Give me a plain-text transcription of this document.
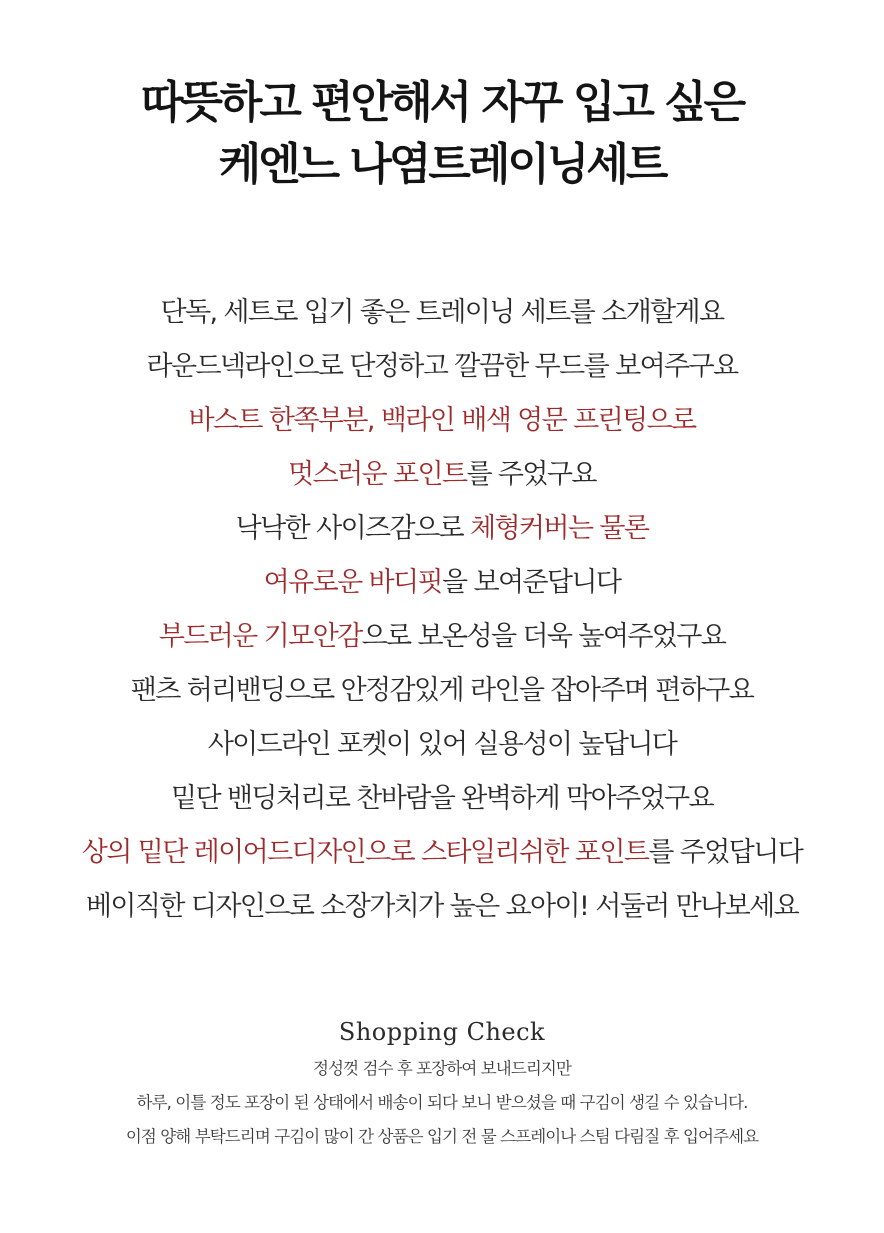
따뜻하고 편안해서 자꾸 입고 싶은
케엔느 나염트레이닝세트
단독, 세트로 입기 좋은 트레이닝 세트를 소개할게요
라운드넥라인으로 단정하고 깔끔한 무드를 보여주구요
바스트 한쪽부분, 백라인 배색 영문 프린팅으로
멋스러운 포인트를 주었구요
낙낙한 사이즈감으로 체형커버는 물론
여유로운 바디핏을 보여준답니다
부드러운 기모안감으로 보온성을 더욱 높여주었구요
팬츠 허리밴딩으로 안정감있게 라인을 잡아주며 편하구요
사이드라인 포켓이 있어 실용성이 높답니다
밑단 밴딩처리로 찬바람을 완벽하게 막아주었구요
상의 밑단 레이어드디자인으로 스타일리쉬한 포인트를 주었답니다
베이직한 디자인으로 소장가치가 높은 요아이! 서둘러 만나보세요
Shopping Check
정성껏 검수 후 포장하여 보내드리지만
하루, 이틀 정도 포장이 된 상태에서 배송이 되다 보니 받으셨을 때 구김이 생길 수 있습니다.
이점 양해 부탁드리며 구김이 많이 간 상품은 입기 전 물 스프레이나 스팀 다림질 후 입어주세요
